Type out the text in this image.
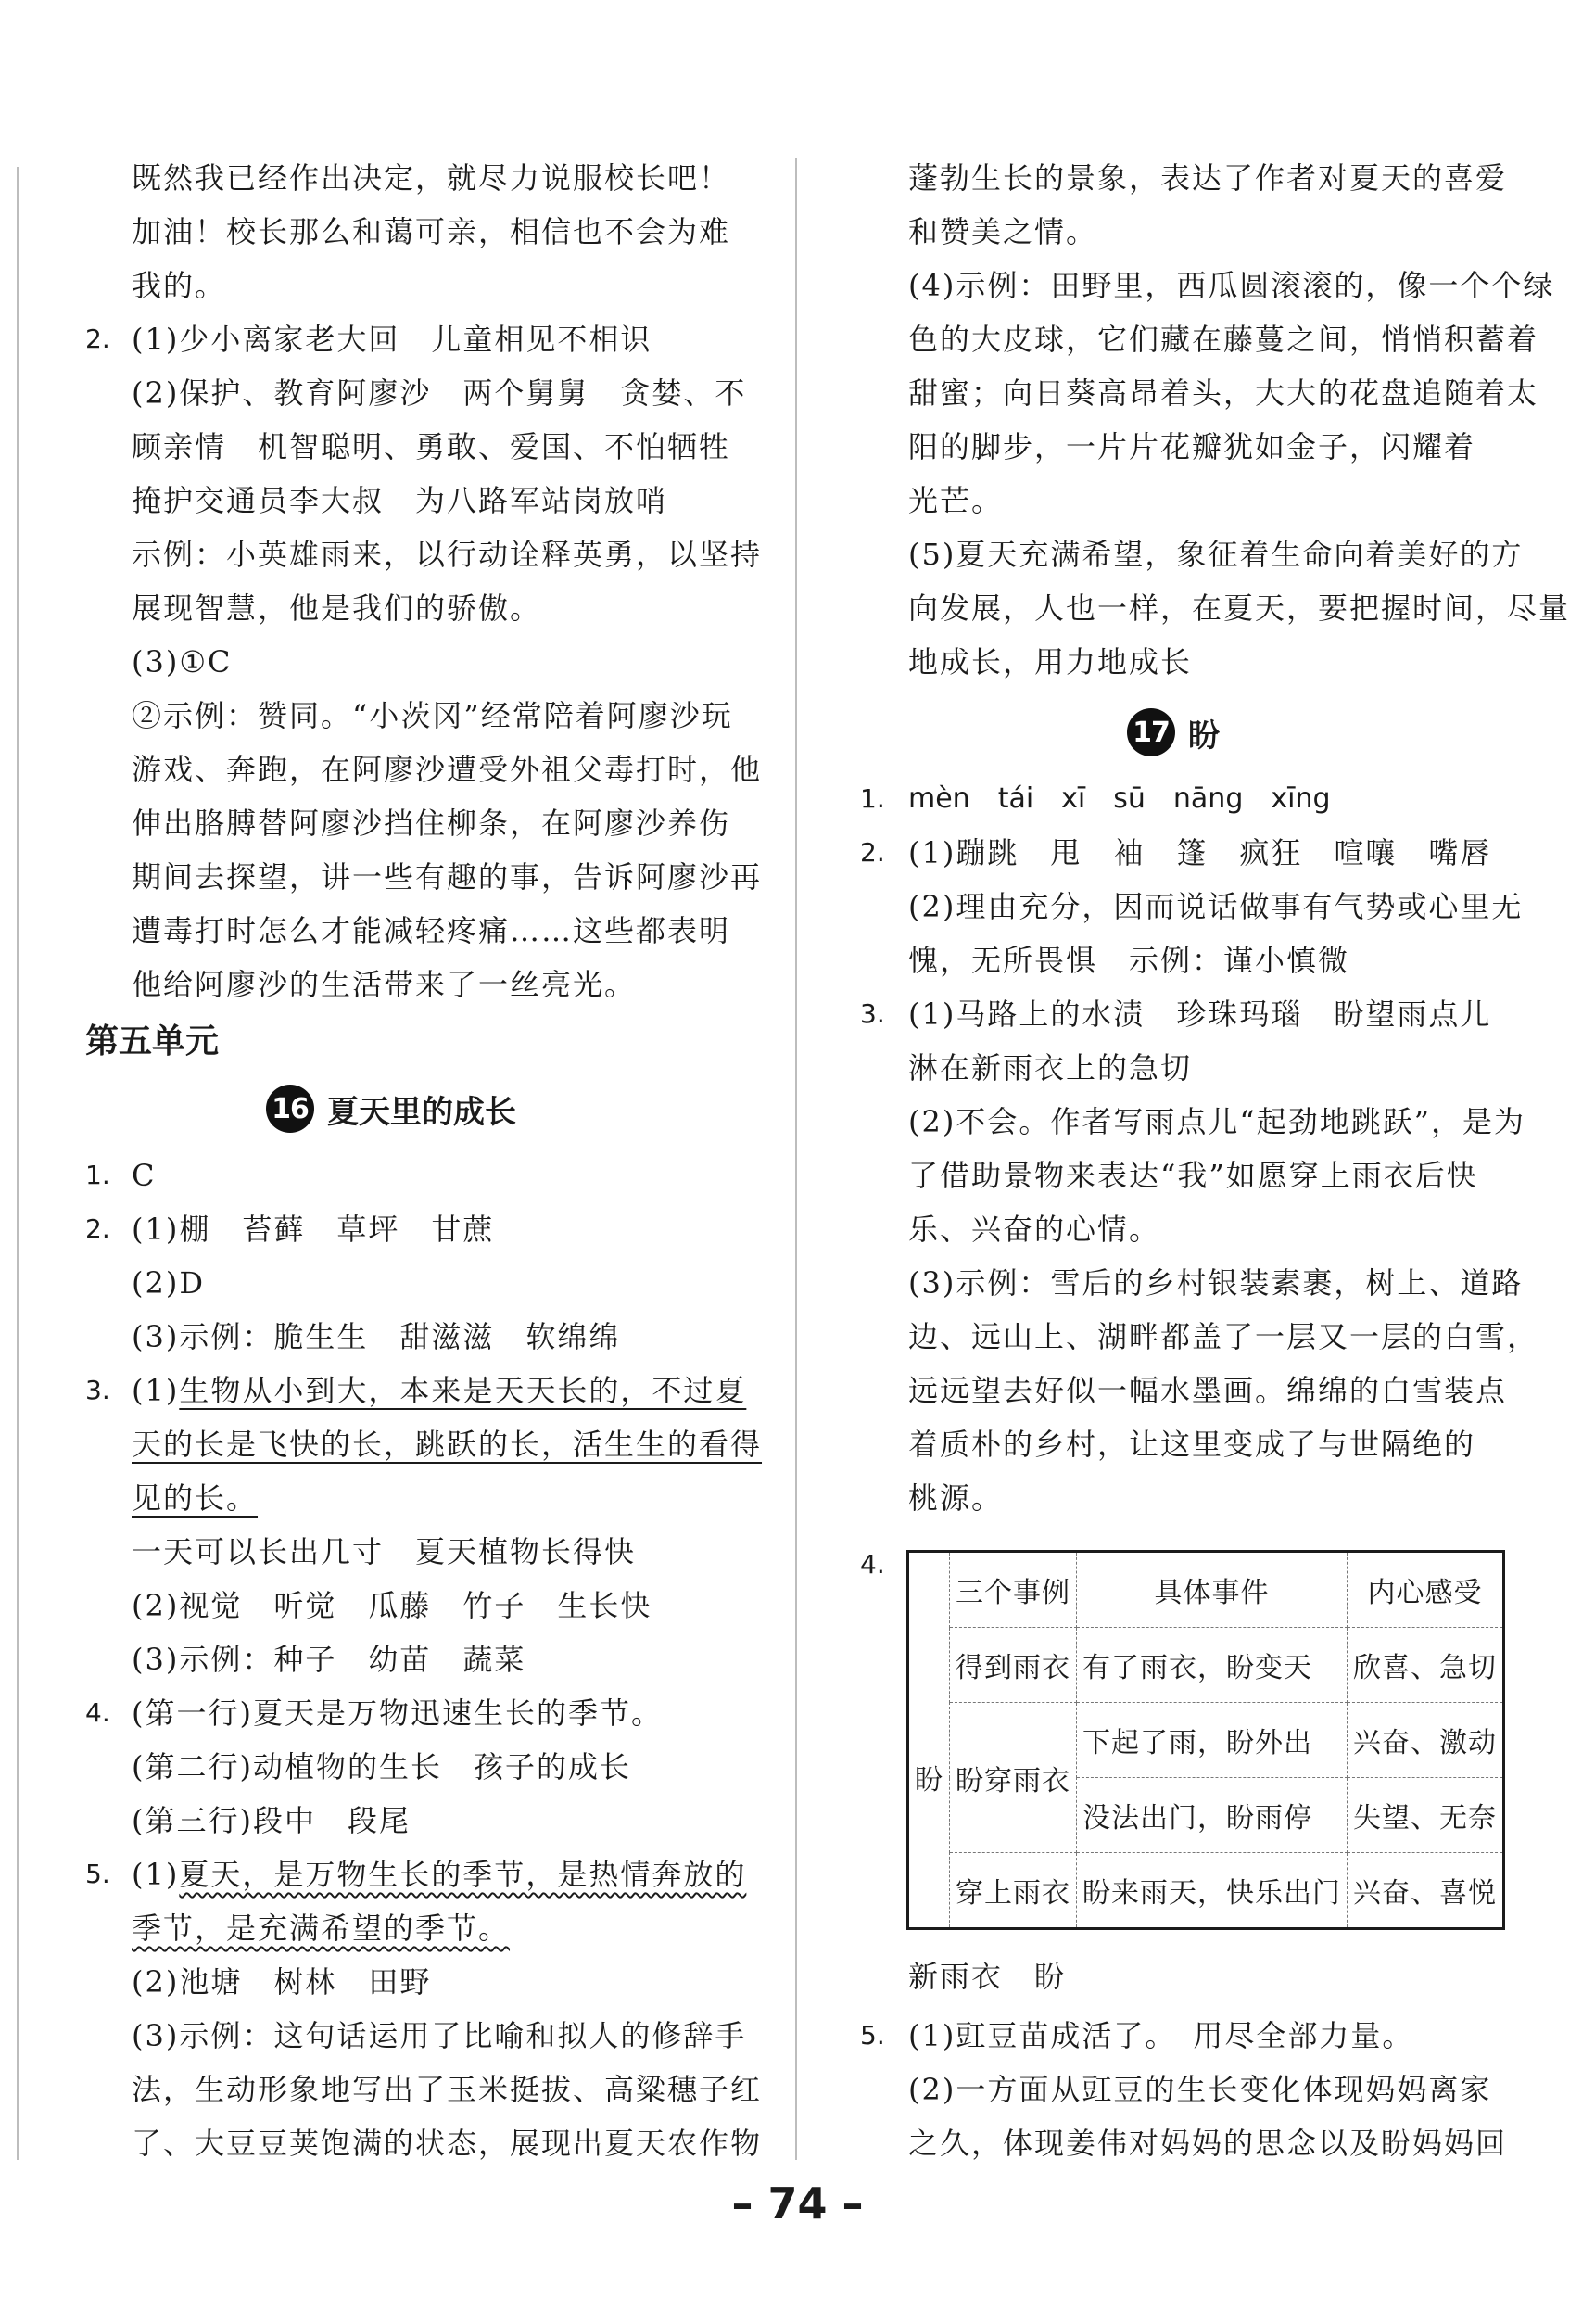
既然我已经作出决定，就尽力说服校长吧！
加油！校长那么和蔼可亲，相信也不会为难
我的。
2. (1)少小离家老大回　儿童相见不相识
(2)保护、教育阿廖沙　两个舅舅　贪婪、不
顾亲情　机智聪明、勇敢、爱国、不怕牺牲
掩护交通员李大叔　为八路军站岗放哨
示例：小英雄雨来，以行动诠释英勇，以坚持
展现智慧，他是我们的骄傲。
(3)①C
②示例：赞同。“小茨冈”经常陪着阿廖沙玩
游戏、奔跑，在阿廖沙遭受外祖父毒打时，他
伸出胳膊替阿廖沙挡住柳条，在阿廖沙养伤
期间去探望，讲一些有趣的事，告诉阿廖沙再
遭毒打时怎么才能减轻疼痛……这些都表明
他给阿廖沙的生活带来了一丝亮光。
第五单元
16 夏天里的成长
1. C
2. (1)棚　苔藓　草坪　甘蔗
(2)D
(3)示例：脆生生　甜滋滋　软绵绵
3. (1)生物从小到大，本来是天天长的，不过夏
天的长是飞快的长，跳跃的长，活生生的看得
见的长。
一天可以长出几寸　夏天植物长得快
(2)视觉　听觉　瓜藤　竹子　生长快
(3)示例：种子　幼苗　蔬菜
4. (第一行)夏天是万物迅速生长的季节。
(第二行)动植物的生长　孩子的成长
(第三行)段中　段尾
5. (1)夏天，是万物生长的季节，是热情奔放的
季节，是充满希望的季节。
(2)池塘　树林　田野
(3)示例：这句话运用了比喻和拟人的修辞手
法，生动形象地写出了玉米挺拔、高粱穗子红
了、大豆豆荚饱满的状态，展现出夏天农作物
蓬勃生长的景象，表达了作者对夏天的喜爱
和赞美之情。
(4)示例：田野里，西瓜圆滚滚的，像一个个绿
色的大皮球，它们藏在藤蔓之间，悄悄积蓄着
甜蜜；向日葵高昂着头，大大的花盘追随着太
阳的脚步，一片片花瓣犹如金子，闪耀着
光芒。
(5)夏天充满希望，象征着生命向着美好的方
向发展，人也一样，在夏天，要把握时间，尽量
地成长，用力地成长
17 盼
1. mèn　tái　xī　sū　nāng　xīng
2. (1)蹦跳　甩　袖　篷　疯狂　喧嚷　嘴唇
(2)理由充分，因而说话做事有气势或心里无
愧，无所畏惧　示例：谨小慎微
3. (1)马路上的水渍　珍珠玛瑙　盼望雨点儿
淋在新雨衣上的急切
(2)不会。作者写雨点儿“起劲地跳跃”，是为
了借助景物来表达“我”如愿穿上雨衣后快
乐、兴奋的心情。
(3)示例：雪后的乡村银装素裹，树上、道路
边、远山上、湖畔都盖了一层又一层的白雪，
远远望去好似一幅水墨画。绵绵的白雪装点
着质朴的乡村，让这里变成了与世隔绝的
桃源。
4.
	三个事例	具体事件	内心感受
盼	得到雨衣	有了雨衣，盼变天	欣喜、急切
	盼穿雨衣	下起了雨，盼外出	兴奋、激动
		没法出门，盼雨停	失望、无奈
	穿上雨衣	盼来雨天，快乐出门	兴奋、喜悦
新雨衣　盼
5. (1)豇豆苗成活了。　用尽全部力量。
(2)一方面从豇豆的生长变化体现妈妈离家
之久，体现姜伟对妈妈的思念以及盼妈妈回
– 74 –
